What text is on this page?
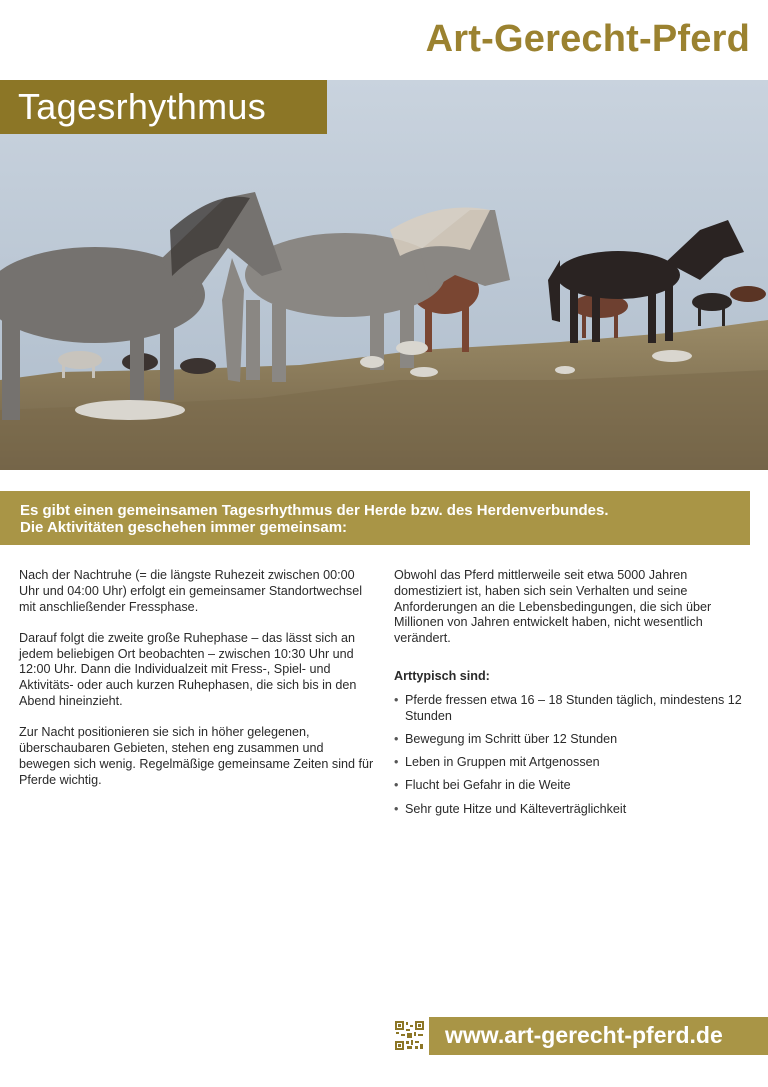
Art-Gerecht-Pferd
Tagesrhythmus
Es gibt einen gemeinsamen Tagesrhythmus der Herde bzw. des Herdenverbundes.
Die Aktivitäten geschehen immer gemeinsam:

Nach der Nachtruhe (= die längste Ruhezeit zwischen 00:00 Uhr und 04:00 Uhr) erfolgt ein gemeinsamer Standortwechsel mit anschließender Fressphase.

Darauf folgt die zweite große Ruhephase – das lässt sich an jedem beliebigen Ort beobachten – zwischen 10:30 Uhr und 12:00 Uhr. Dann die Individualzeit mit Fress-, Spiel- und Aktivitäts- oder auch kurzen Ruhephasen, die sich bis in den Abend hineinzieht.

Zur Nacht positionieren sie sich in höher gelegenen, überschaubaren Gebieten, stehen eng zusammen und bewegen sich wenig. Regelmäßige gemeinsame Zeiten sind für Pferde wichtig.

Obwohl das Pferd mittlerweile seit etwa 5000 Jahren domestiziert ist, haben sich sein Verhalten und seine Anforderungen an die Lebensbedingungen, die sich über Millionen von Jahren entwickelt haben, nicht wesentlich verändert.

Arttypisch sind:
• Pferde fressen etwa 16 – 18 Stunden täglich, mindestens 12 Stunden
• Bewegung im Schritt über 12 Stunden
• Leben in Gruppen mit Artgenossen
• Flucht bei Gefahr in die Weite
• Sehr gute Hitze und Kälteverträglichkeit
www.art-gerecht-pferd.de
